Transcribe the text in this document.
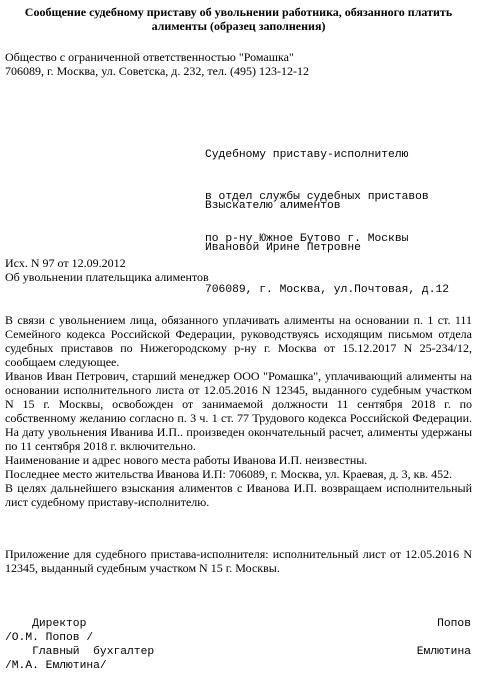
Сообщение судебному приставу об увольнении работника, обязанного платить
алименты (образец заполнения)
Общество с ограниченной ответственностью "Ромашка"
706089, г. Москва, ул. Советска, д. 232, тел. (495) 123-12-12

Судебному приставу-исполнителю

в отдел службы судебных приставов

по р-ну Южное Бутово г. Москвы

Взыскателю алиментов

Ивановой Ирине Петровне

706089, г. Москва, ул.Почтовая, д.12

Исх. N 97 от 12.09.2012
Об увольнении плательщика алиментов
В связи с увольнением лица, обязанного уплачивать алименты на основании п. 1 ст. 111 Семейного кодекса Российской Федерации, руководствуясь исходящим письмом отдела судебных приставов по Нижегородскому р-ну г. Москва от 15.12.2017 N 25-234/12, сообщаем следующее.
Иванов Иван Петрович, старший менеджер ООО "Ромашка", уплачивающий алименты на основании исполнительного листа от 12.05.2016 N 12345, выданного судебным участком N 15 г. Москвы, освобожден от занимаемой должности 11 сентября 2018 г. по собственному желанию согласно п. 3 ч. 1 ст. 77 Трудового кодекса Российской Федерации. На дату увольнения Иванива И.П.. произведен окончательный расчет, алименты удержаны по 11 сентября 2018 г. включительно.
Наименование и адрес нового места работы Иванова И.П. неизвестны.
Последнее место жительства Иванова И.П: 706089, г. Москва, ул. Краевая, д. 3, кв. 452.
В целях дальнейшего взыскания алиментов с Иванова И.П. возвращаем исполнительный лист судебному приставу-исполнителю.
Приложение для судебного пристава-исполнителя: исполнительный лист от 12.05.2016 N 12345, выданный судебным участком N 15 г. Москвы.
Директор	Попов
/О.М. Попов /
Главный  бухгалтер	Емлютина
/М.А. Емлютина/
